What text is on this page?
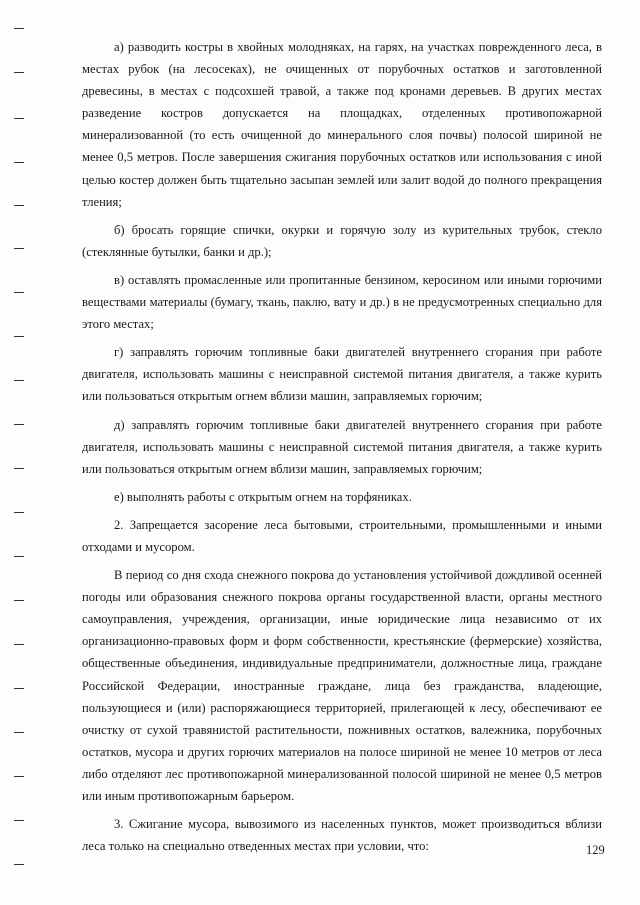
а) разводить костры в хвойных молодняках, на гарях, на участках поврежденного леса, в местах рубок (на лесосеках), не очищенных от порубочных остатков и заготовленной древесины, в местах с подсохшей травой, а также под кронами деревьев. В других местах разведение костров допускается на площадках, отделенных противопожарной минерализованной (то есть очищенной до минерального слоя почвы) полосой шириной не менее 0,5 метров. После завершения сжигания порубочных остатков или использования с иной целью костер должен быть тщательно засыпан землей или залит водой до полного прекращения тления;

б) бросать горящие спички, окурки и горячую золу из курительных трубок, стекло (стеклянные бутылки, банки и др.);

в) оставлять промасленные или пропитанные бензином, керосином или иными горючими веществами материалы (бумагу, ткань, паклю, вату и др.) в не предусмотренных специально для этого местах;

г) заправлять горючим топливные баки двигателей внутреннего сгорания при работе двигателя, использовать машины с неисправной системой питания двигателя, а также курить или пользоваться открытым огнем вблизи машин, заправляемых горючим;

д) заправлять горючим топливные баки двигателей внутреннего сгорания при работе двигателя, использовать машины с неисправной системой питания двигателя, а также курить или пользоваться открытым огнем вблизи машин, заправляемых горючим;

е) выполнять работы с открытым огнем на торфяниках.

2. Запрещается засорение леса бытовыми, строительными, промышленными и иными отходами и мусором.

В период со дня схода снежного покрова до установления устойчивой дождливой осенней погоды или образования снежного покрова органы государственной власти, органы местного самоуправления, учреждения, организации, иные юридические лица независимо от их организационно-правовых форм и форм собственности, крестьянские (фермерские) хозяйства, общественные объединения, индивидуальные предприниматели, должностные лица, граждане Российской Федерации, иностранные граждане, лица без гражданства, владеющие, пользующиеся и (или) распоряжающиеся территорией, прилегающей к лесу, обеспечивают ее очистку от сухой травянистой растительности, пожнивных остатков, валежника, порубочных остатков, мусора и других горючих материалов на полосе шириной не менее 10 метров от леса либо отделяют лес противопожарной минерализованной полосой шириной не менее 0,5 метров или иным противопожарным барьером.

3. Сжигание мусора, вывозимого из населенных пунктов, может производиться вблизи леса только на специально отведенных местах при условии, что:	129
